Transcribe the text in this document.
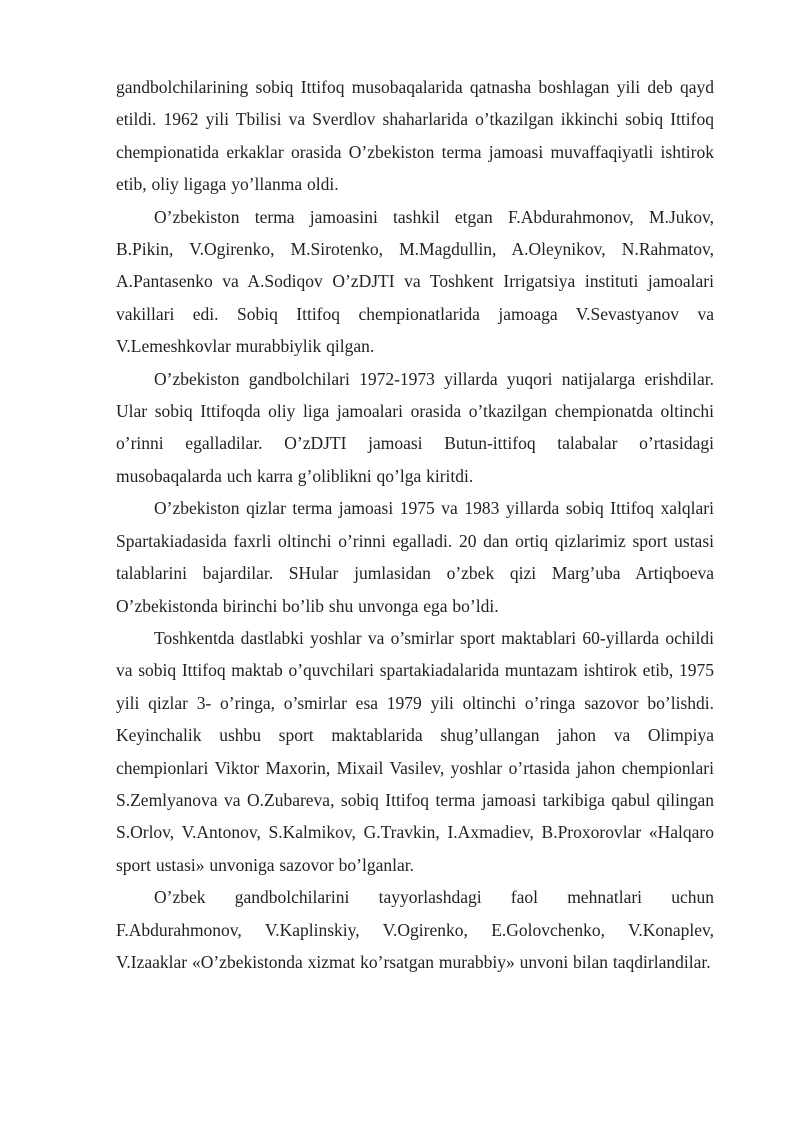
gandbolchilarining sobiq Ittifoq musobaqalarida qatnasha boshlagan yili deb qayd etildi. 1962 yili Tbilisi va Sverdlov shaharlarida o’tkazilgan ikkinchi sobiq Ittifoq chempionatida erkaklar orasida O’zbekiston terma jamoasi muvaffaqiyatli ishtirok etib, oliy ligaga yo’llanma oldi.

O’zbekiston terma jamoasini tashkil etgan F.Abdurahmonov, M.Jukov, B.Pikin, V.Ogirenko, M.Sirotenko, M.Magdullin, A.Oleynikov, N.Rahmatov, A.Pantasenko va A.Sodiqov O’zDJTI va Toshkent Irrigatsiya instituti jamoalari vakillari edi. Sobiq Ittifoq chempionatlarida jamoaga V.Sevastyanov va V.Lemeshkovlar murabbiylik qilgan.

O’zbekiston gandbolchilari 1972-1973 yillarda yuqori natijalarga erishdilar. Ular sobiq Ittifoqda oliy liga jamoalari orasida o’tkazilgan chempionatda oltinchi o’rinni egalladilar. O’zDJTI jamoasi Butun-ittifoq talabalar o’rtasidagi musobaqalarda uch karra g’oliblikni qo’lga kiritdi.

O’zbekiston qizlar terma jamoasi 1975 va 1983 yillarda sobiq Ittifoq xalqlari Spartakiadasida faxrli oltinchi o’rinni egalladi. 20 dan ortiq qizlarimiz sport ustasi talablarini bajardilar. SHular jumlasidan o’zbek qizi Marg’uba Artiqboeva O’zbekistonda birinchi bo’lib shu unvonga ega bo’ldi.

Toshkentda dastlabki yoshlar va o’smirlar sport maktablari 60-yillarda ochildi va sobiq Ittifoq maktab o’quvchilari spartakiadalarida muntazam ishtirok etib, 1975 yili qizlar 3- o’ringa, o’smirlar esa 1979 yili oltinchi o’ringa sazovor bo’lishdi. Keyinchalik ushbu sport maktablarida shug’ullangan jahon va Olimpiya chempionlari Viktor Maxorin, Mixail Vasilev, yoshlar o’rtasida jahon chempionlari S.Zemlyanova va O.Zubareva, sobiq Ittifoq terma jamoasi tarkibiga qabul qilingan S.Orlov, V.Antonov, S.Kalmikov, G.Travkin, I.Axmadiev, B.Proxorovlar «Halqaro sport ustasi» unvoniga sazovor bo’lganlar.

O’zbek gandbolchilarini tayyorlashdagi faol mehnatlari uchun F.Abdurahmonov, V.Kaplinskiy, V.Ogirenko, E.Golovchenko, V.Konaplev, V.Izaaklar «O’zbekistonda xizmat ko’rsatgan murabbiy» unvoni bilan taqdirlandilar.
